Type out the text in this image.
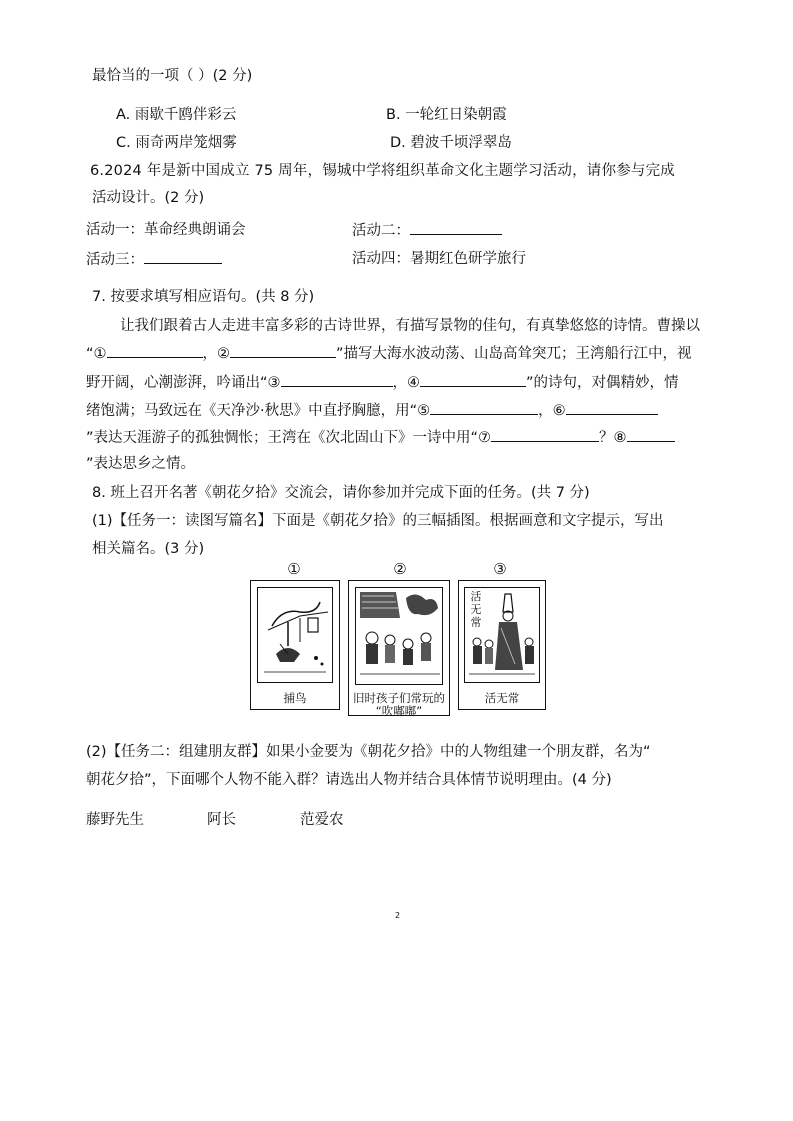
最恰当的一项（ ）(2 分)
A. 雨歇千鸥伴彩云	B. 一轮红日染朝霞
C. 雨奇两岸笼烟雾	D. 碧波千顷浮翠岛
6.2024 年是新中国成立 75 周年，锡城中学将组织革命文化主题学习活动，请你参与完成
活动设计。(2 分)
活动一：革命经典朗诵会	活动二：
活动三：	活动四：暑期红色研学旅行
7. 按要求填写相应语句。(共 8 分)
让我们跟着古人走进丰富多彩的古诗世界，有描写景物的佳句，有真挚悠悠的诗情。曹操以
“①	，②	”描写大海水波动荡、山岛高耸突兀；王湾船行江中，视
野开阔，心潮澎湃，吟诵出“③	，④	”的诗句，对偶精妙，情
绪饱满；马致远在《天净沙·秋思》中直抒胸臆，用“⑤	，⑥
”表达天涯游子的孤独惆怅；王湾在《次北固山下》一诗中用“⑦	？⑧
”表达思乡之情。
8. 班上召开名著《朝花夕拾》交流会，请你参加并完成下面的任务。(共 7 分)
(1)【任务一：读图写篇名】下面是《朝花夕拾》的三幅插图。根据画意和文字提示，写出
相关篇名。(3 分)
①
捕鸟
②
旧时孩子们常玩的
“吹嘟嘟”
③
活
无
常
活无常
(2)【任务二：组建朋友群】如果小金要为《朝花夕拾》中的人物组建一个朋友群，名为“
朝花夕拾”，下面哪个人物不能入群？请选出人物并结合具体情节说明理由。(4 分)
藤野先生	阿长	范爱农
2
